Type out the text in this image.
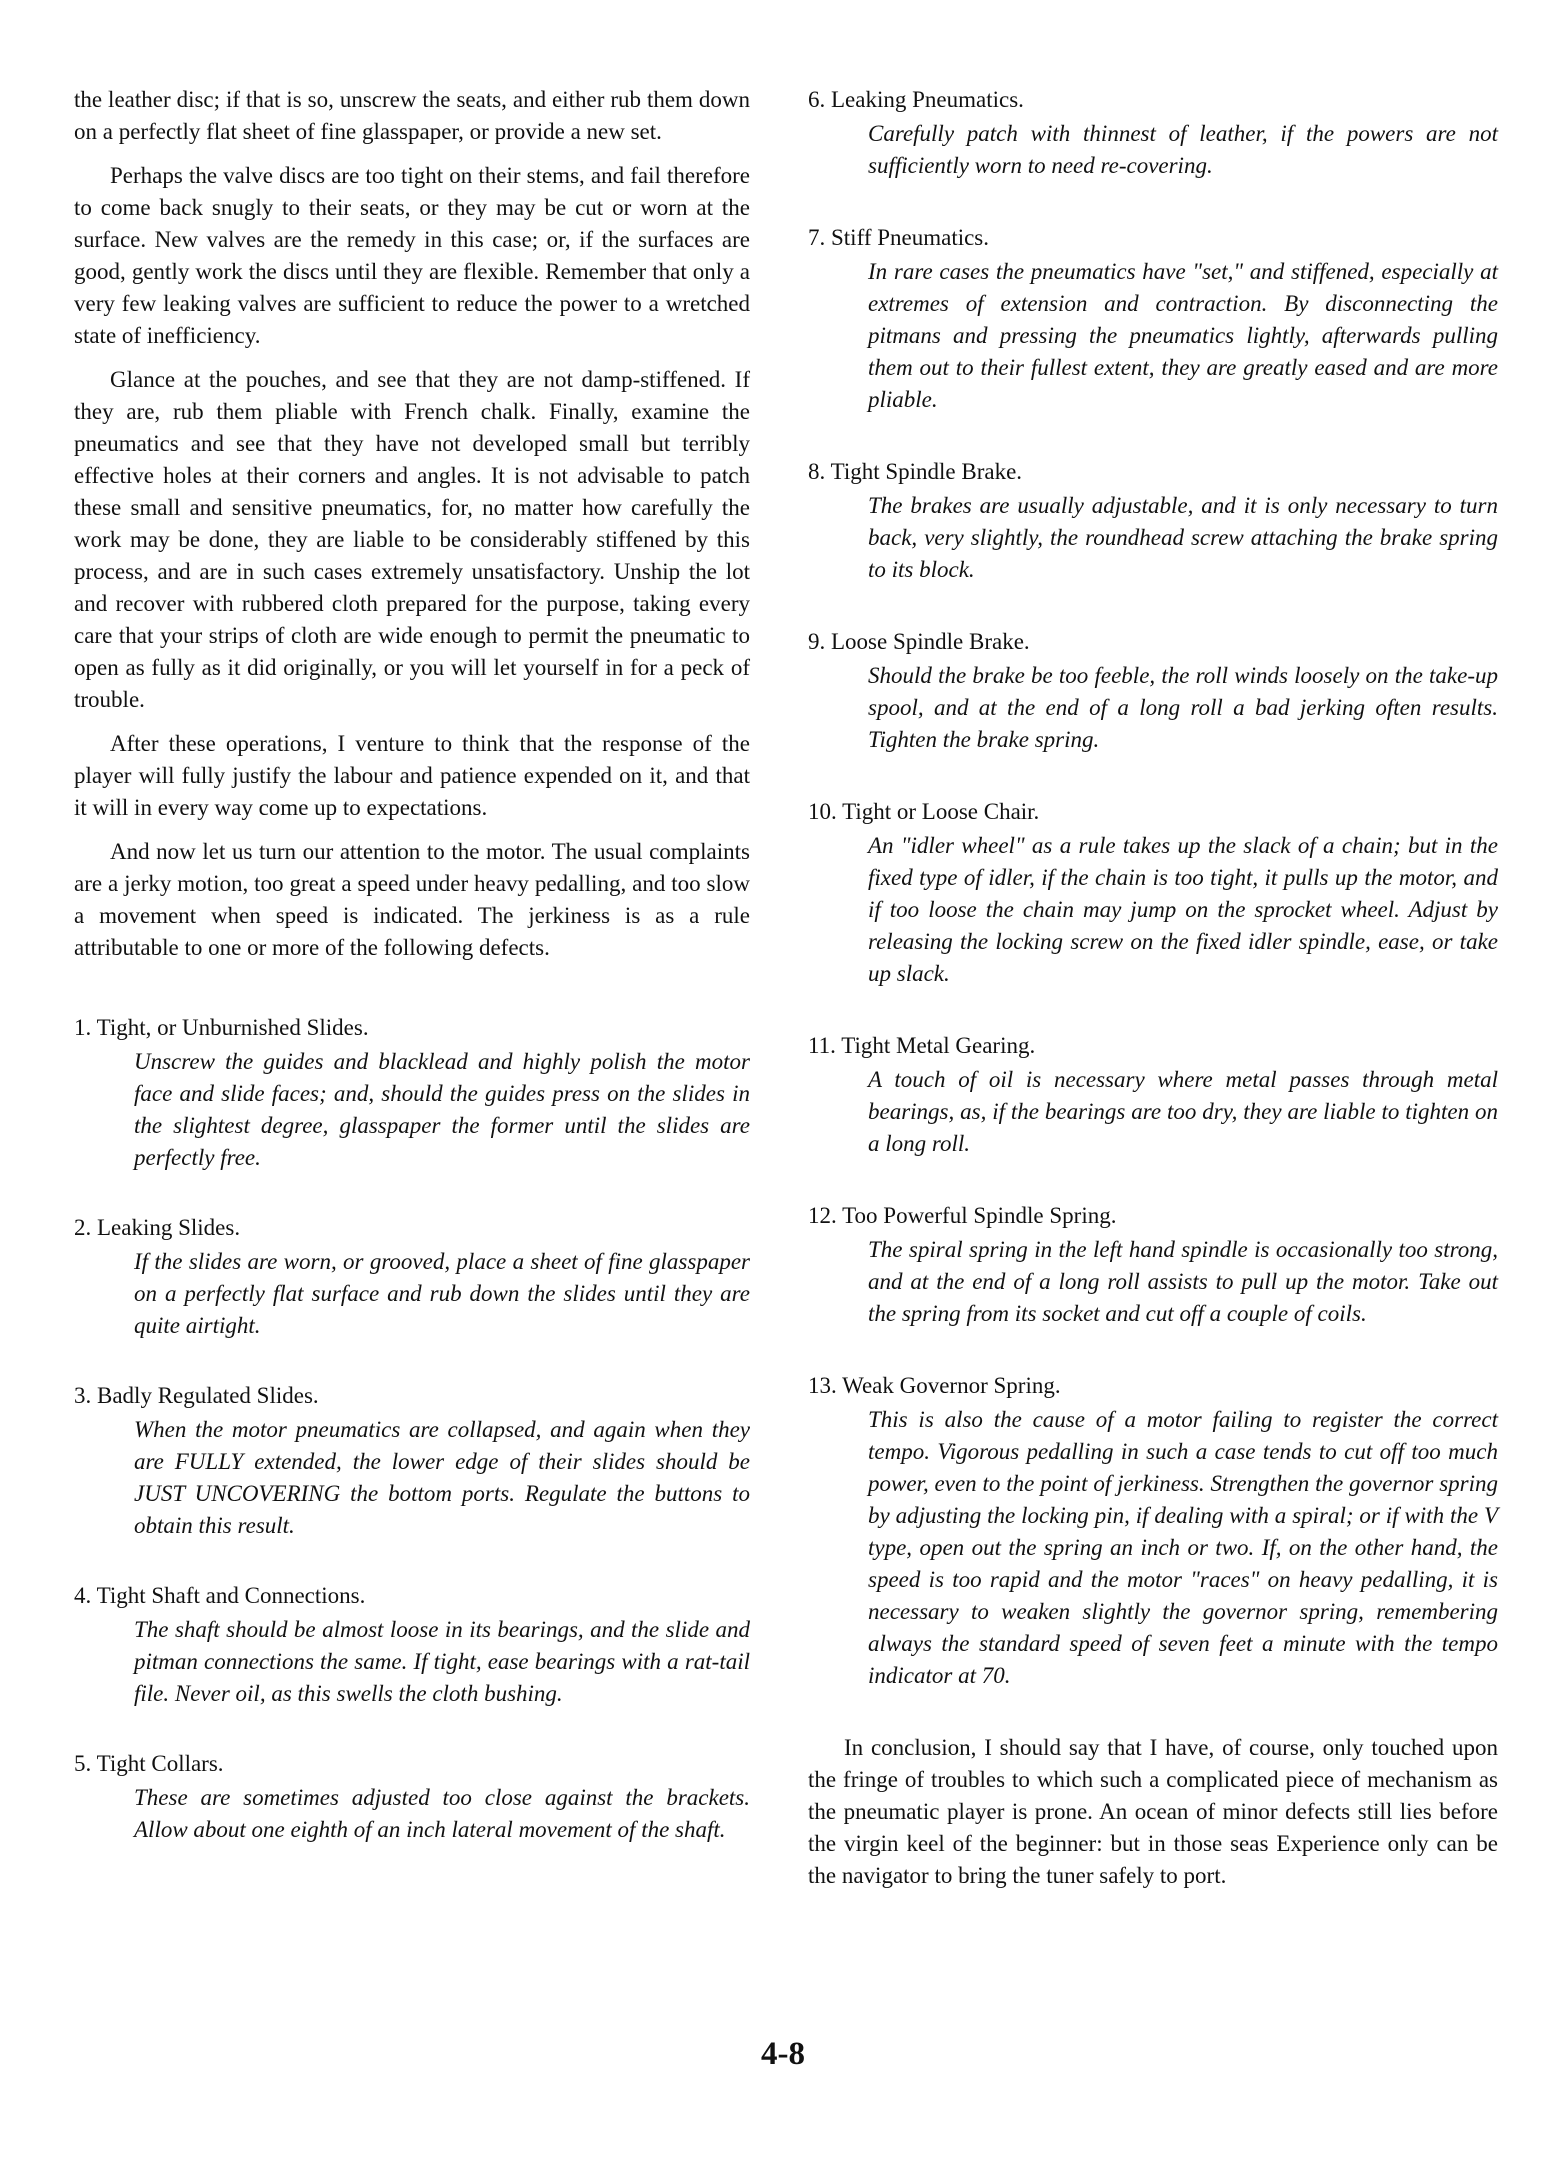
the leather disc; if that is so, unscrew the seats, and either rub them down on a perfectly flat sheet of fine glasspaper, or provide a new set.

Perhaps the valve discs are too tight on their stems, and fail therefore to come back snugly to their seats, or they may be cut or worn at the surface. New valves are the remedy in this case; or, if the surfaces are good, gently work the discs until they are flexible. Remember that only a very few leaking valves are sufficient to reduce the power to a wretched state of inefficiency.

Glance at the pouches, and see that they are not damp-stiffened. If they are, rub them pliable with French chalk. Finally, examine the pneumatics and see that they have not developed small but terribly effective holes at their corners and angles. It is not advisable to patch these small and sensitive pneumatics, for, no matter how carefully the work may be done, they are liable to be considerably stiffened by this process, and are in such cases extremely unsatisfactory. Unship the lot and recover with rubbered cloth prepared for the purpose, taking every care that your strips of cloth are wide enough to permit the pneumatic to open as fully as it did originally, or you will let yourself in for a peck of trouble.

After these operations, I venture to think that the response of the player will fully justify the labour and patience expended on it, and that it will in every way come up to expectations.

And now let us turn our attention to the motor. The usual complaints are a jerky motion, too great a speed under heavy pedalling, and too slow a movement when speed is indicated. The jerkiness is as a rule attributable to one or more of the following defects.

1. Tight, or Unburnished Slides.
Unscrew the guides and blacklead and highly polish the motor face and slide faces; and, should the guides press on the slides in the slightest degree, glasspaper the former until the slides are perfectly free.
2. Leaking Slides.
If the slides are worn, or grooved, place a sheet of fine glasspaper on a perfectly flat surface and rub down the slides until they are quite airtight.
3. Badly Regulated Slides.
When the motor pneumatics are collapsed, and again when they are FULLY extended, the lower edge of their slides should be JUST UNCOVERING the bottom ports. Regulate the buttons to obtain this result.
4. Tight Shaft and Connections.
The shaft should be almost loose in its bearings, and the slide and pitman connections the same. If tight, ease bearings with a rat-tail file. Never oil, as this swells the cloth bushing.
5. Tight Collars.
These are sometimes adjusted too close against the brackets. Allow about one eighth of an inch lateral movement of the shaft.
6. Leaking Pneumatics.
Carefully patch with thinnest of leather, if the powers are not sufficiently worn to need re-covering.
7. Stiff Pneumatics.
In rare cases the pneumatics have "set," and stiffened, especially at extremes of extension and contraction. By disconnecting the pitmans and pressing the pneumatics lightly, afterwards pulling them out to their fullest extent, they are greatly eased and are more pliable.
8. Tight Spindle Brake.
The brakes are usually adjustable, and it is only necessary to turn back, very slightly, the roundhead screw attaching the brake spring to its block.
9. Loose Spindle Brake.
Should the brake be too feeble, the roll winds loosely on the take-up spool, and at the end of a long roll a bad jerking often results. Tighten the brake spring.
10. Tight or Loose Chair.
An "idler wheel" as a rule takes up the slack of a chain; but in the fixed type of idler, if the chain is too tight, it pulls up the motor, and if too loose the chain may jump on the sprocket wheel. Adjust by releasing the locking screw on the fixed idler spindle, ease, or take up slack.
11. Tight Metal Gearing.
A touch of oil is necessary where metal passes through metal bearings, as, if the bearings are too dry, they are liable to tighten on a long roll.
12. Too Powerful Spindle Spring.
The spiral spring in the left hand spindle is occasionally too strong, and at the end of a long roll assists to pull up the motor. Take out the spring from its socket and cut off a couple of coils.
13. Weak Governor Spring.
This is also the cause of a motor failing to register the correct tempo. Vigorous pedalling in such a case tends to cut off too much power, even to the point of jerkiness. Strengthen the governor spring by adjusting the locking pin, if dealing with a spiral; or if with the V type, open out the spring an inch or two. If, on the other hand, the speed is too rapid and the motor "races" on heavy pedalling, it is necessary to weaken slightly the governor spring, remembering always the standard speed of seven feet a minute with the tempo indicator at 70.

In conclusion, I should say that I have, of course, only touched upon the fringe of troubles to which such a complicated piece of mechanism as the pneumatic player is prone. An ocean of minor defects still lies before the virgin keel of the beginner: but in those seas Experience only can be the navigator to bring the tuner safely to port.

4-8
